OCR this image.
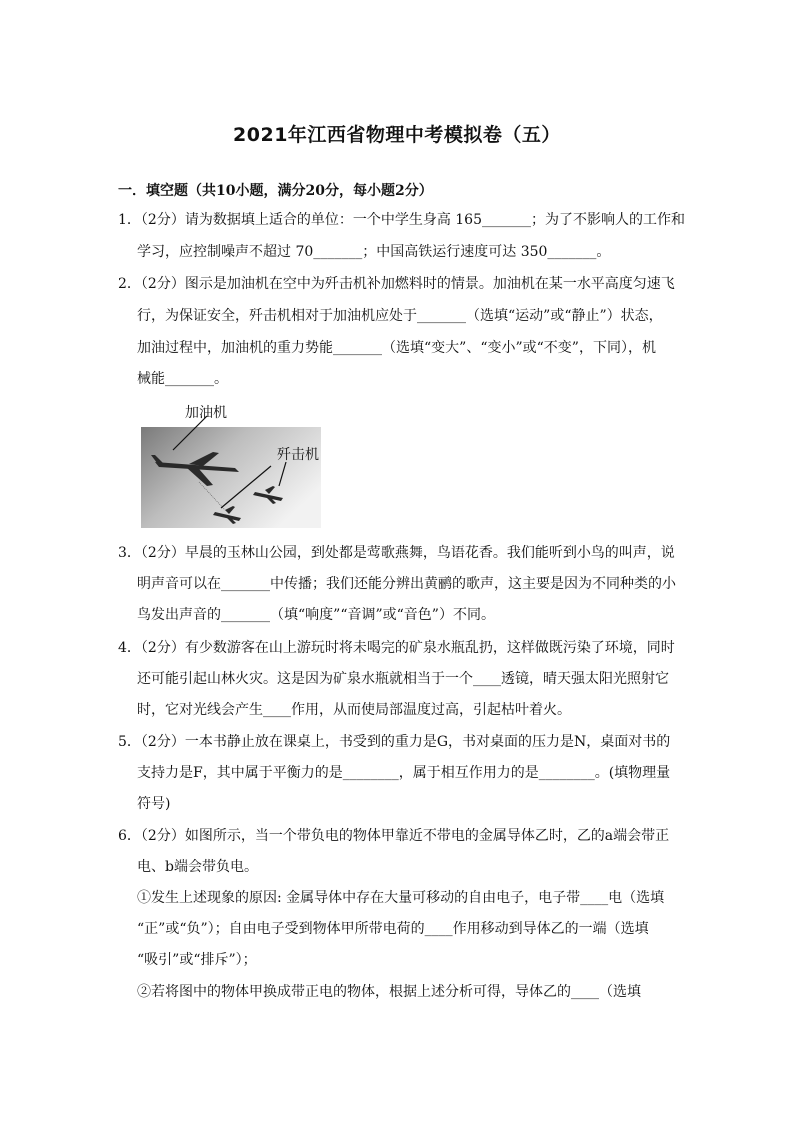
2021年江西省物理中考模拟卷（五）
一．填空题（共10小题，满分20分，每小题2分）
1．（2分）请为数据填上适合的单位：一个中学生身高 165_______；为了不影响人的工作和
学习，应控制噪声不超过 70_______；中国高铁运行速度可达 350_______。
2．（2分）图示是加油机在空中为歼击机补加燃料时的情景。加油机在某一水平高度匀速飞
行，为保证安全，歼击机相对于加油机应处于_______（选填“运动”或“静止”）状态，
加油过程中，加油机的重力势能_______（选填“变大”、“变小”或“不变”，下同），机
械能_______。
加油机
歼击机
3．（2分）早晨的玉林山公园，到处都是莺歌燕舞，鸟语花香。我们能听到小鸟的叫声，说
明声音可以在_______中传播；我们还能分辨出黄鹂的歌声，这主要是因为不同种类的小
鸟发出声音的_______（填“响度”“音调”或“音色”）不同。
4．（2分）有少数游客在山上游玩时将未喝完的矿泉水瓶乱扔，这样做既污染了环境，同时
还可能引起山林火灾。这是因为矿泉水瓶就相当于一个____透镜，晴天强太阳光照射它
时，它对光线会产生____作用，从而使局部温度过高，引起枯叶着火。
5．（2分）一本书静止放在课桌上，书受到的重力是G，书对桌面的压力是N，桌面对书的
支持力是F，其中属于平衡力的是________，属于相互作用力的是________。(填物理量
符号)
6．（2分）如图所示，当一个带负电的物体甲靠近不带电的金属导体乙时，乙的a端会带正
电、b端会带负电。
①发生上述现象的原因: 金属导体中存在大量可移动的自由电子，电子带____电（选填
“正”或“负”）；自由电子受到物体甲所带电荷的____作用移动到导体乙的一端（选填
“吸引”或“排斥”）；
②若将图中的物体甲换成带正电的物体，根据上述分析可得，导体乙的____（选填
